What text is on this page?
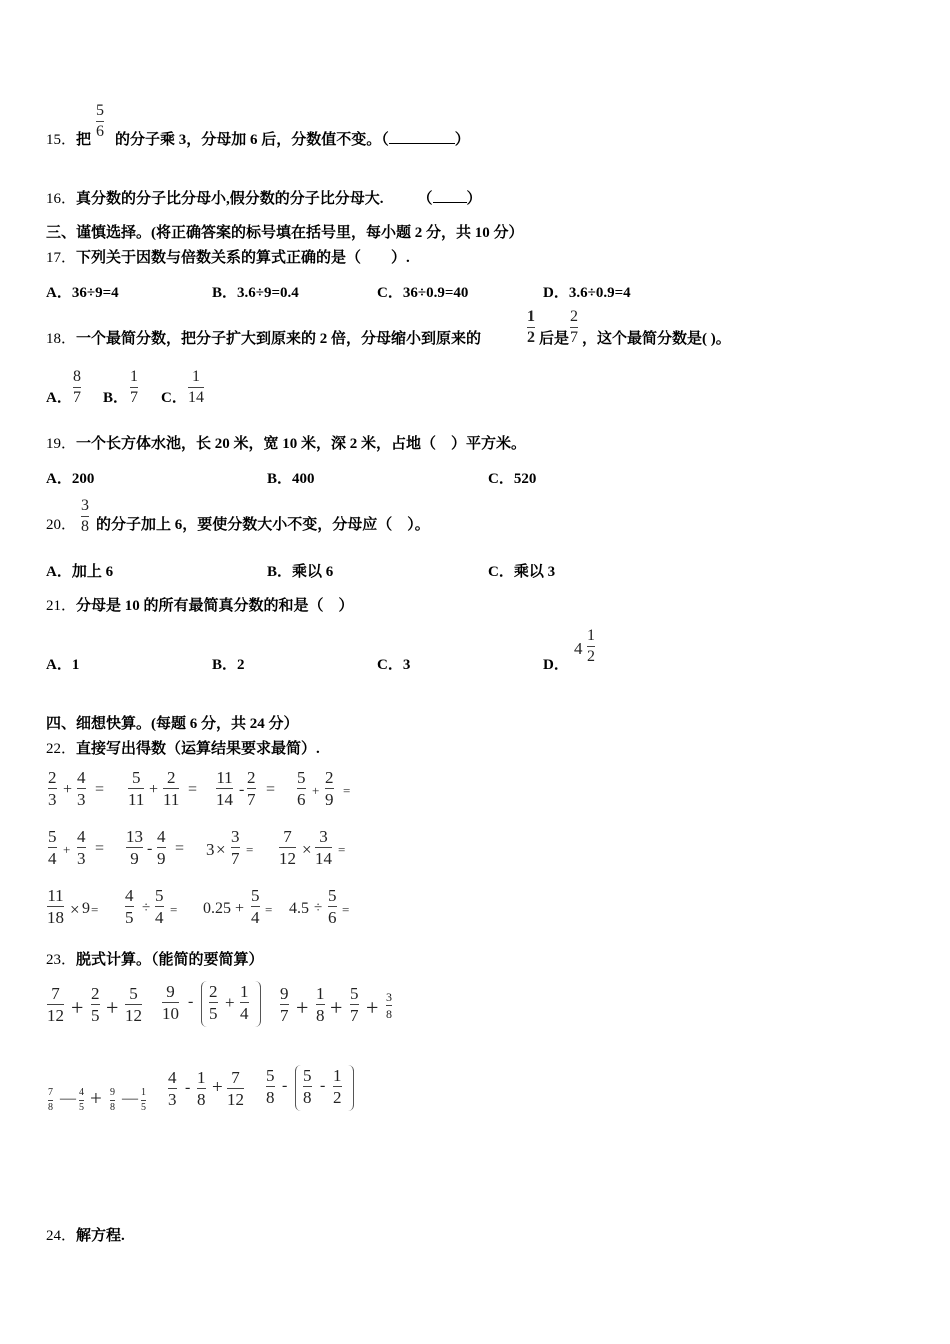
15．把
5
6 的分子乘 3，分母加 6 后，分数值不变。（	）
16．真分数的分子比分母小,假分数的分子比分母大. （ ）
三、谨慎选择。(将正确答案的标号填在括号里，每小题 2 分，共 10 分）
17．下列关于因数与倍数关系的算式正确的是（　　）.
A．36÷9=4	B．3.6÷9=0.4	C．36÷0.9=40	D．3.6÷0.9=4
18．一个最简分数，把分子扩大到原来的 2 倍，分母缩小到原来的
1
2 后是
2
7 ，这个最简分数是( )。
A．
8
7 B．
1
7 C．
1
14
19．一个长方体水池，长 20 米，宽 10 米，深 2 米，占地（　）平方米。
A．200	B．400	C．520
20．
3
8 的分子加上 6，要使分数大小不变，分母应（　）。
A．加上 6	B．乘以 6	C．乘以 3
21．分母是 10 的所有最简真分数的和是（　）
A．1	B．2	C．3	D．
4
1
2
四、细想快算。(每题 6 分，共 24 分）
22．直接写出得数（运算结果要求最简）.
2
3
+
4
3
=
5
11
+
2
11
=
11
14
-
2
7
=
5
6 +
2
9 =
5
4 +
4
3
=
13
9
-
4
9
= 3 ×
3
7 =
7
12 ×
3
14 =
11
18 × 9 =
4
5 ÷
5
4 = 0.25 +
5
4 = 4.5 ÷
5
6 =
23．脱式计算。（能简的要简算）
7
12 +
2
5 +
5
12
9
10
-
2
5
+
1
4
9
7 +
1
8 +
5
7 + 3
8
7
8
— 4
5 + 9
8
— 1
5
4
3
-
1
8
+ 7
12
5
8
-
5
8
-
1
2
24．解方程.
